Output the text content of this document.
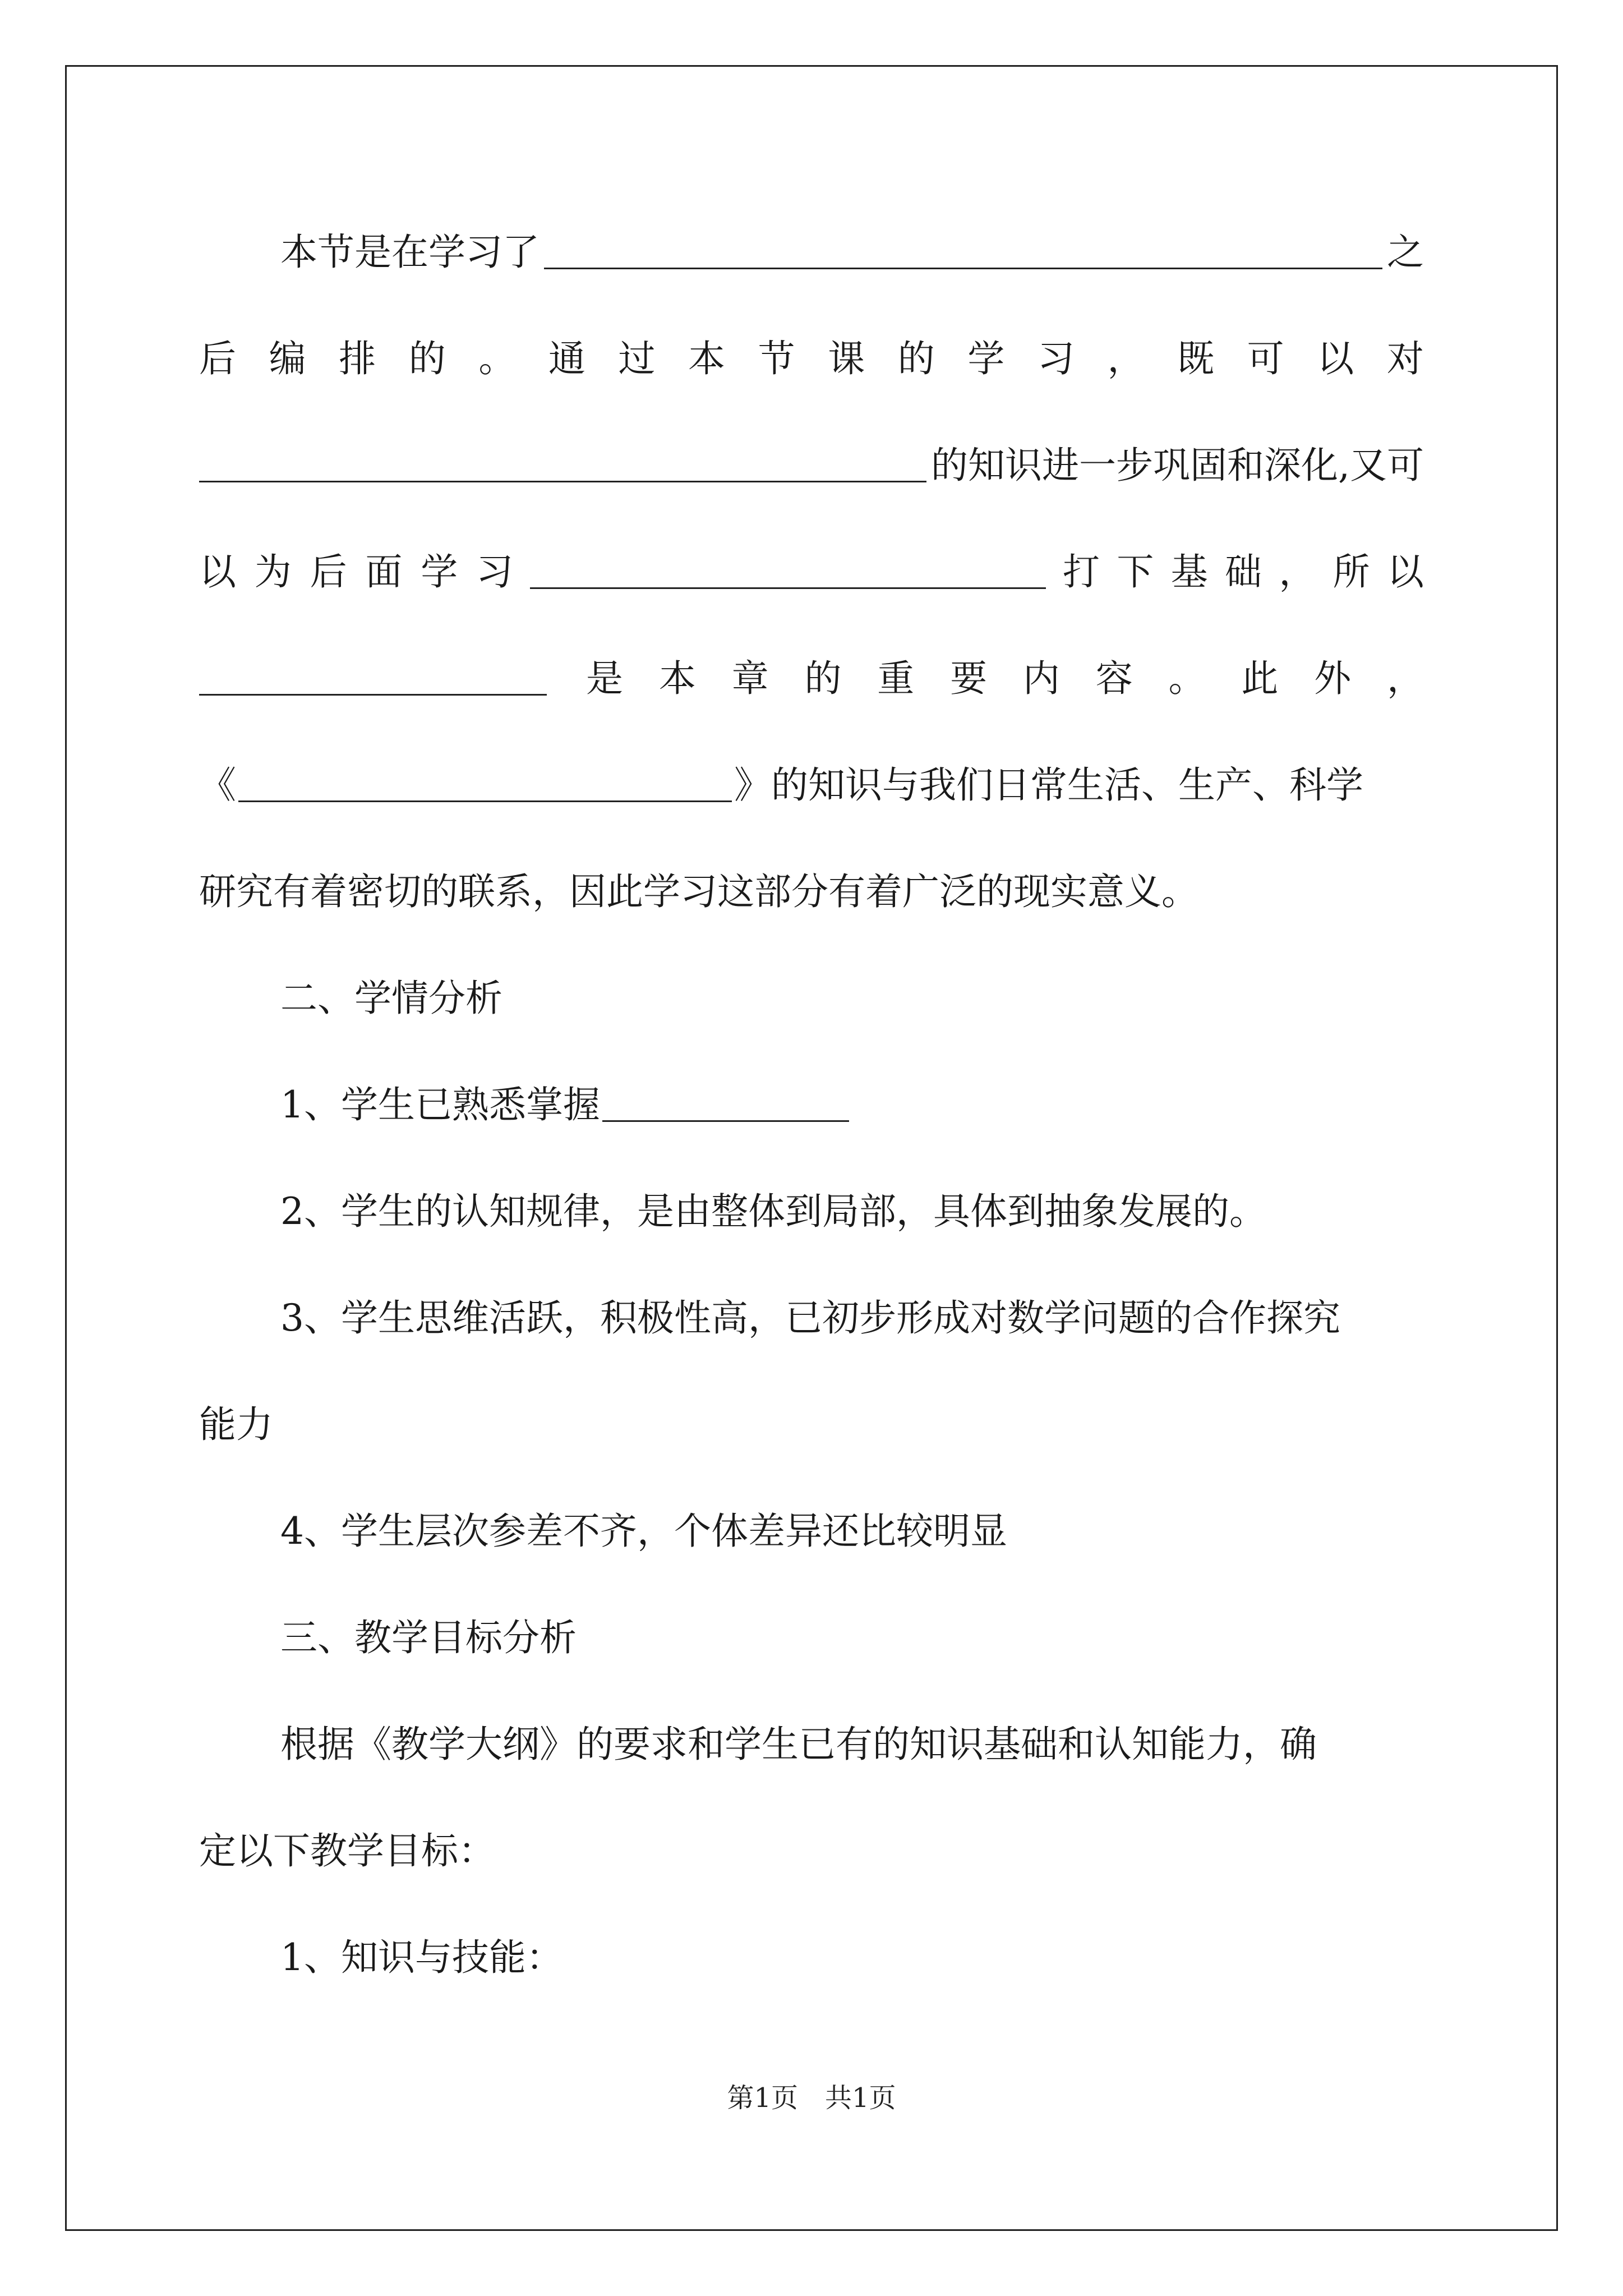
本节是在学习了	之
后 编 排 的 。 通 过 本 节 课 的 学 习 ， 既 可 以 对
的知识进一步巩固和深化,又可
以 为 后 面 学 习	打 下 基 础 ， 所 以
是 本 章 的 重 要 内 容 。 此 外 ，
《	》的知识与我们日常生活、生产、科学
研究有着密切的联系，因此学习这部分有着广泛的现实意义。
二、学情分析
1、学生已熟悉掌握
2、学生的认知规律，是由整体到局部，具体到抽象发展的。
3、学生思维活跃，积极性高，已初步形成对数学问题的合作探究
能力
4、学生层次参差不齐，个体差异还比较明显
三、教学目标分析
根据《教学大纲》的要求和学生已有的知识基础和认知能力，确
定以下教学目标：
1、知识与技能：
第1页　共1页
